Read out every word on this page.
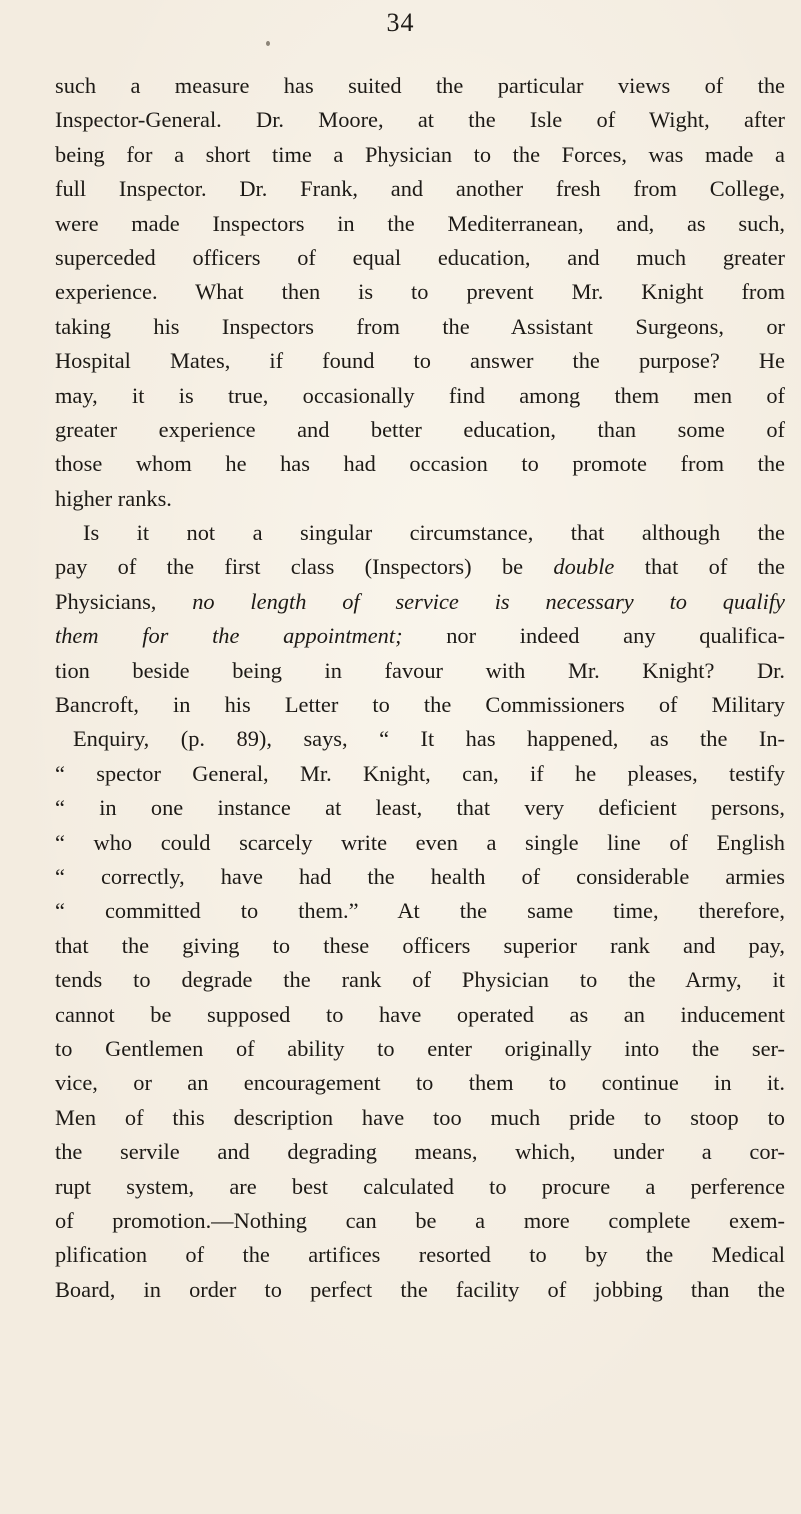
34
such a measure has suited the particular views of the
Inspector-General. Dr. Moore, at the Isle of Wight, after
being for a short time a Physician to the Forces, was made a
full Inspector. Dr. Frank, and another fresh from College,
were made Inspectors in the Mediterranean, and, as such,
superceded officers of equal education, and much greater
experience. What then is to prevent Mr. Knight from
taking his Inspectors from the Assistant Surgeons, or
Hospital Mates, if found to answer the purpose? He
may, it is true, occasionally find among them men of
greater experience and better education, than some of
those whom he has had occasion to promote from the
higher ranks.
Is it not a singular circumstance, that although the
pay of the first class (Inspectors) be double that of the
Physicians, no length of service is necessary to qualify
them for the appointment; nor indeed any qualifica-
tion beside being in favour with Mr. Knight? Dr.
Bancroft, in his Letter to the Commissioners of Military
Enquiry, (p. 89), says, “ It has happened, as the In-
“ spector General, Mr. Knight, can, if he pleases, testify
“ in one instance at least, that very deficient persons,
“ who could scarcely write even a single line of English
“ correctly, have had the health of considerable armies
“ committed to them.” At the same time, therefore,
that the giving to these officers superior rank and pay,
tends to degrade the rank of Physician to the Army, it
cannot be supposed to have operated as an inducement
to Gentlemen of ability to enter originally into the ser-
vice, or an encouragement to them to continue in it.
Men of this description have too much pride to stoop to
the servile and degrading means, which, under a cor-
rupt system, are best calculated to procure a perference
of promotion.—Nothing can be a more complete exem-
plification of the artifices resorted to by the Medical
Board, in order to perfect the facility of jobbing than the
